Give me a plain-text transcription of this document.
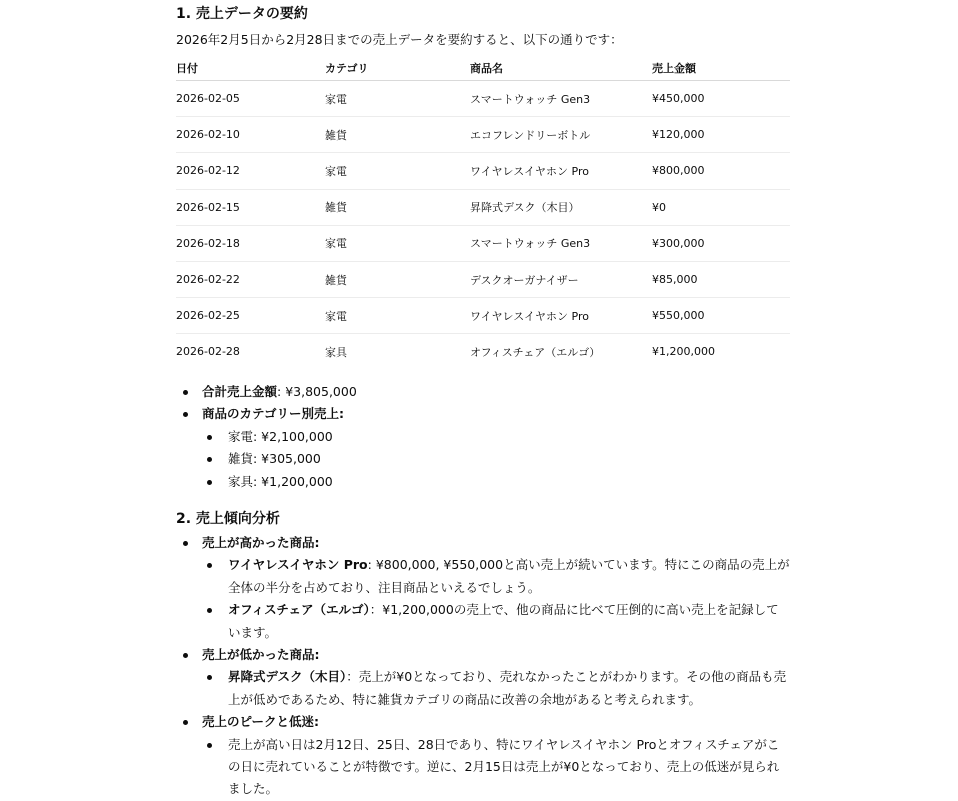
1. 売上データの要約
2026年2月5日から2月28日までの売上データを要約すると、以下の通りです：
日付	カテゴリ	商品名	売上金額
2026-02-05	家電	スマートウォッチ Gen3	¥450,000
2026-02-10	雑貨	エコフレンドリーボトル	¥120,000
2026-02-12	家電	ワイヤレスイヤホン Pro	¥800,000
2026-02-15	雑貨	昇降式デスク（木目）	¥0
2026-02-18	家電	スマートウォッチ Gen3	¥300,000
2026-02-22	雑貨	デスクオーガナイザー	¥85,000
2026-02-25	家電	ワイヤレスイヤホン Pro	¥550,000
2026-02-28	家具	オフィスチェア（エルゴ）	¥1,200,000
合計売上金額: ¥3,805,000
商品のカテゴリー別売上:
家電: ¥2,100,000
雑貨: ¥305,000
家具: ¥1,200,000
2. 売上傾向分析
売上が高かった商品:
ワイヤレスイヤホン Pro: ¥800,000, ¥550,000と高い売上が続いています。特にこの商品の売上が全体の半分を占めており、注目商品といえるでしょう。
オフィスチェア（エルゴ）：¥1,200,000の売上で、他の商品に比べて圧倒的に高い売上を記録しています。
売上が低かった商品:
昇降式デスク（木目）：売上が¥0となっており、売れなかったことがわかります。その他の商品も売上が低めであるため、特に雑貨カテゴリの商品に改善の余地があると考えられます。
売上のピークと低迷:
売上が高い日は2月12日、25日、28日であり、特にワイヤレスイヤホン Proとオフィスチェアがこの日に売れていることが特徴です。逆に、2月15日は売上が¥0となっており、売上の低迷が見られました。
